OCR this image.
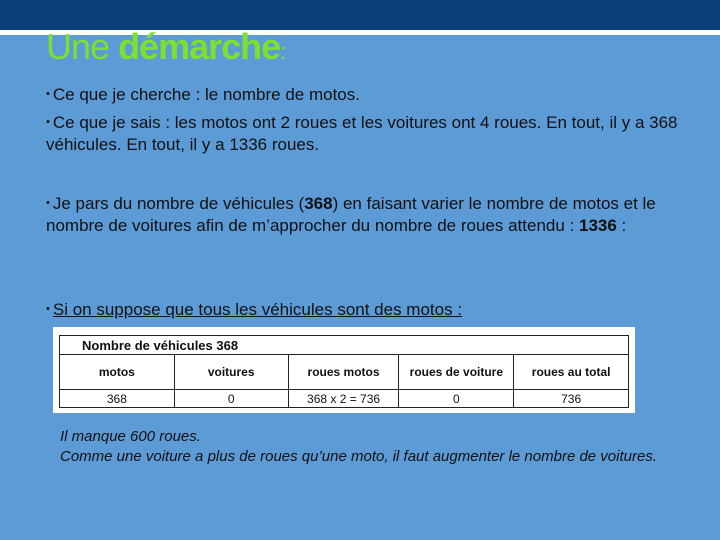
Une démarche:

• Ce que je cherche : le nombre de motos.

• Ce que je sais : les motos ont 2 roues et les voitures ont 4 roues. En tout, il y a 368 véhicules. En tout, il y a 1336 roues.

• Je pars du nombre de véhicules (368) en faisant varier le nombre de motos et le nombre de voitures afin de m’approcher du nombre de roues attendu : 1336 :

• Si on suppose que tous les véhicules sont des motos :

Nombre de véhicules 368				
motos	voitures	roues motos	roues de voiture	roues au total
368	0	368 x 2 = 736	0	736
Il manque 600 roues.
Comme une voiture a plus de roues qu’une moto, il faut augmenter le nombre de voitures.
